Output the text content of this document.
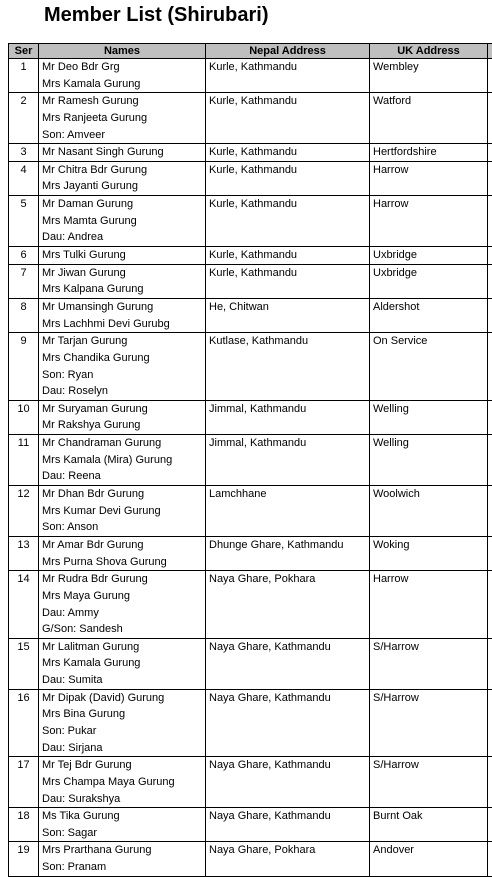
Member List (Shirubari)
Ser	Names	Nepal Address	UK Address	

1	Mr Deo Bdr Grg
Mrs Kamala Gurung	Kurle, Kathmandu	Wembley	

2	Mr Ramesh Gurung
Mrs Ranjeeta Gurung
Son: Amveer	Kurle, Kathmandu	Watford	

3	Mr Nasant Singh Gurung	Kurle, Kathmandu	Hertfordshire	

4	Mr Chitra Bdr Gurung
Mrs Jayanti Gurung	Kurle, Kathmandu	Harrow	

5	Mr Daman Gurung
Mrs Mamta Gurung
Dau: Andrea	Kurle, Kathmandu	Harrow	

6	Mrs Tulki Gurung	Kurle, Kathmandu	Uxbridge	

7	Mr Jiwan Gurung
Mrs Kalpana Gurung	Kurle, Kathmandu	Uxbridge	

8	Mr Umansingh Gurung
Mrs Lachhmi Devi Gurubg	He, Chitwan	Aldershot	

9	Mr Tarjan Gurung
Mrs Chandika Gurung
Son: Ryan
Dau: Roselyn	Kutlase, Kathmandu	On Service	

10	Mr Suryaman Gurung
Mr Rakshya Gurung	Jimmal, Kathmandu	Welling	

11	Mr Chandraman Gurung
Mrs Kamala (Mira) Gurung
Dau: Reena	Jimmal, Kathmandu	Welling	

12	Mr Dhan Bdr Gurung
Mrs Kumar Devi Gurung
Son: Anson	Lamchhane	Woolwich	

13	Mr Amar Bdr Gurung
Mrs Purna Shova Gurung	Dhunge Ghare, Kathmandu	Woking	

14	Mr Rudra Bdr Gurung
Mrs Maya Gurung
Dau: Ammy
G/Son: Sandesh	Naya Ghare, Pokhara	Harrow	

15	Mr Lalitman Gurung
Mrs Kamala Gurung
Dau: Sumita	Naya Ghare, Kathmandu	S/Harrow	

16	Mr Dipak (David) Gurung
Mrs Bina Gurung
Son: Pukar
Dau: Sirjana	Naya Ghare, Kathmandu	S/Harrow	

17	Mr Tej Bdr Gurung
Mrs Champa Maya Gurung
Dau: Surakshya	Naya Ghare, Kathmandu	S/Harrow	

18	Ms Tika Gurung
Son: Sagar	Naya Ghare, Kathmandu	Burnt Oak	

19	Mrs Prarthana Gurung
Son: Pranam	Naya Ghare, Pokhara	Andover	
